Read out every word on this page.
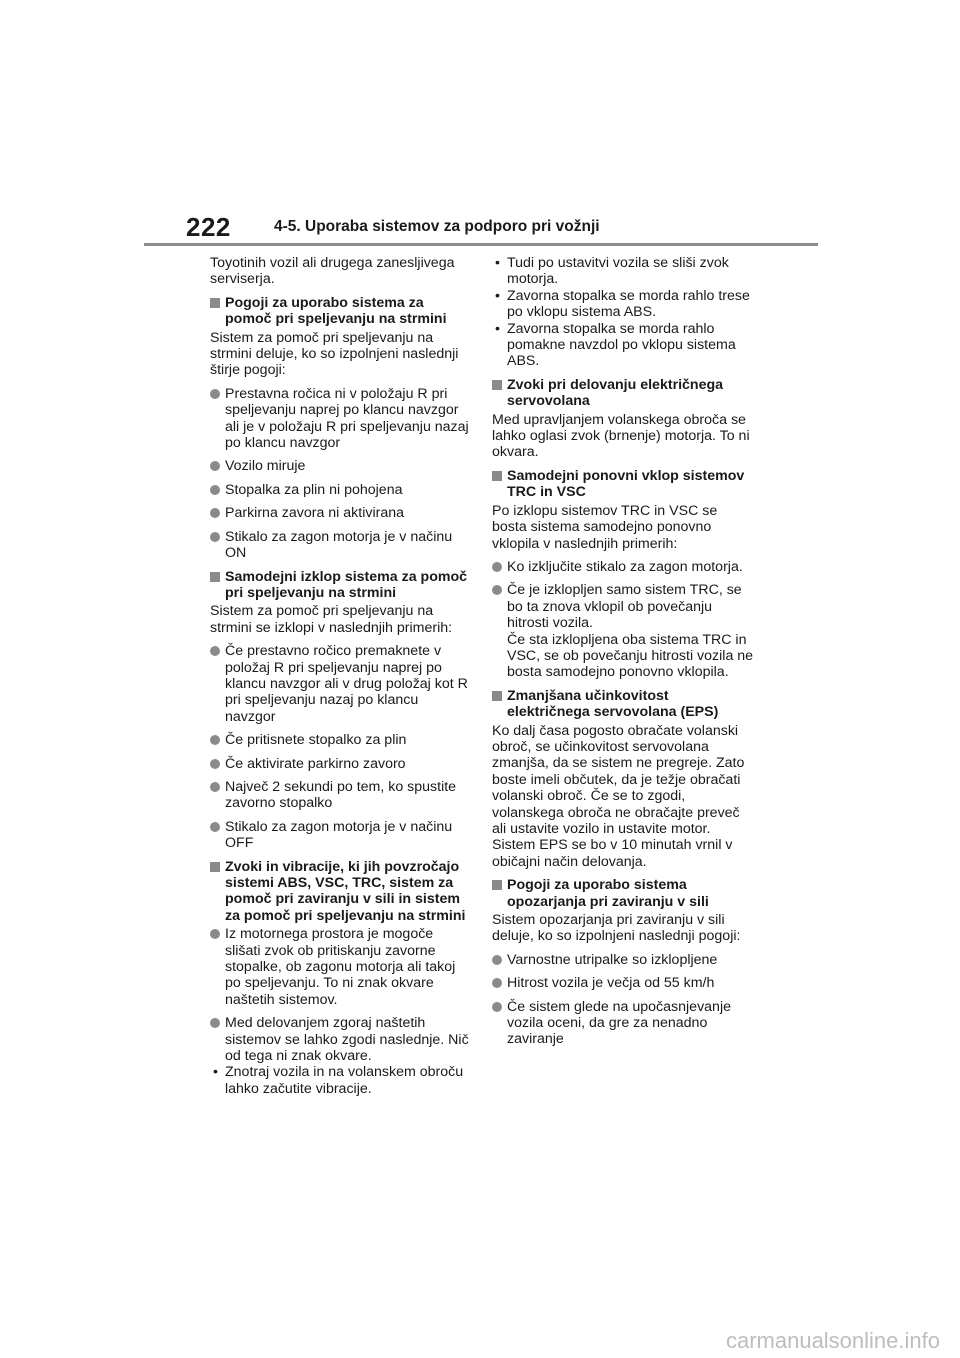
222	4-5. Uporaba sistemov za podporo pri vožnji

Toyotinih vozil ali drugega zanesljivega serviserja.

Pogoji za uporabo sistema za pomoč pri speljevanju na strmini

Sistem za pomoč pri speljevanju na strmini deluje, ko so izpolnjeni naslednji štirje pogoji:

Prestavna ročica ni v položaju R pri speljevanju naprej po klancu navzgor ali je v položaju R pri speljevanju nazaj po klancu navzgor

Vozilo miruje

Stopalka za plin ni pohojena

Parkirna zavora ni aktivirana

Stikalo za zagon motorja je v načinu ON

Samodejni izklop sistema za pomoč pri speljevanju na strmini

Sistem za pomoč pri speljevanju na strmini se izklopi v naslednjih primerih:

Če prestavno ročico premaknete v položaj R pri speljevanju naprej po klancu navzgor ali v drug položaj kot R pri speljevanju nazaj po klancu navzgor

Če pritisnete stopalko za plin

Če aktivirate parkirno zavoro

Največ 2 sekundi po tem, ko spustite zavorno stopalko

Stikalo za zagon motorja je v načinu OFF

Zvoki in vibracije, ki jih povzročajo sistemi ABS, VSC, TRC, sistem za pomoč pri zaviranju v sili in sistem za pomoč pri speljevanju na strmini

Iz motornega prostora je mogoče slišati zvok ob pritiskanju zavorne stopalke, ob zagonu motorja ali takoj po speljevanju. To ni znak okvare naštetih sistemov.

Med delovanjem zgoraj naštetih sistemov se lahko zgodi naslednje. Nič od tega ni znak okvare.

• Znotraj vozila in na volanskem obroču lahko začutite vibracije.

• Tudi po ustavitvi vozila se sliši zvok motorja.

• Zavorna stopalka se morda rahlo trese po vklopu sistema ABS.

• Zavorna stopalka se morda rahlo pomakne navzdol po vklopu sistema ABS.

Zvoki pri delovanju električnega servovolana

Med upravljanjem volanskega obroča se lahko oglasi zvok (brnenje) motorja. To ni okvara.

Samodejni ponovni vklop sistemov TRC in VSC

Po izklopu sistemov TRC in VSC se bosta sistema samodejno ponovno vklopila v naslednjih primerih:

Ko izključite stikalo za zagon motorja.

Če je izklopljen samo sistem TRC, se bo ta znova vklopil ob povečanju hitrosti vozila.
Če sta izklopljena oba sistema TRC in VSC, se ob povečanju hitrosti vozila ne bosta samodejno ponovno vklopila.

Zmanjšana učinkovitost električnega servovolana (EPS)

Ko dalj časa pogosto obračate volanski obroč, se učinkovitost servovolana zmanjša, da se sistem ne pregreje. Zato boste imeli občutek, da je težje obračati volanski obroč. Če se to zgodi, volanskega obroča ne obračajte preveč ali ustavite vozilo in ustavite motor. Sistem EPS se bo v 10 minutah vrnil v običajni način delovanja.

Pogoji za uporabo sistema opozarjanja pri zaviranju v sili

Sistem opozarjanja pri zaviranju v sili deluje, ko so izpolnjeni naslednji pogoji:

Varnostne utripalke so izklopljene

Hitrost vozila je večja od 55 km/h

Če sistem glede na upočasnjevanje vozila oceni, da gre za nenadno zaviranje

carmanualsonline.info
